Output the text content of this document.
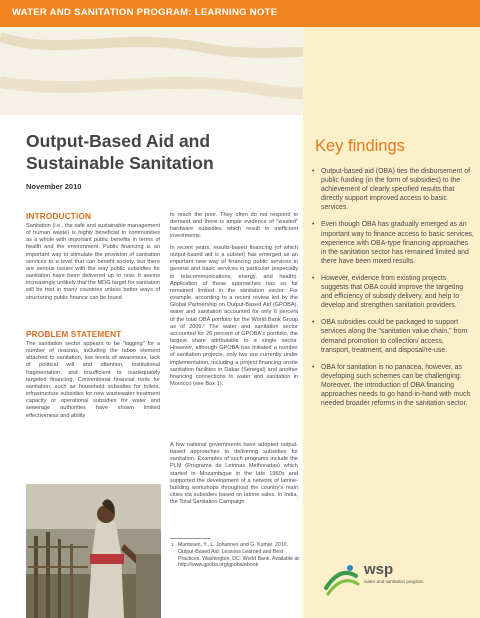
WATER AND SANITATION PROGRAM: LEARNING NOTE
Output-Based Aid and Sustainable Sanitation
November 2010
INTRODUCTION
Sanitation (i.e., the safe and sustainable management of human waste) is highly beneficial to communities as a whole with important public benefits in terms of health and the environment. Public financing is an important way to stimulate the provision of sanitation services to a level that can benefit society, but there are serious issues with the way public subsidies for sanitation have been delivered up to now. It seems increasingly unlikely that the MDG target for sanitation will be met in many countries unless better ways of structuring public finance can be found.
PROBLEM STATEMENT
The sanitation sector appears to be "lagging" for a number of reasons, including the taboo element attached to sanitation, low levels of awareness, lack of political will and attention, institutional fragmentation, and insufficient or inadequately targeted financing. Conventional financial tools for sanitation, such as household subsidies for toilets, infrastructure subsidies for new wastewater treatment capacity or operational subsidies for water and sewerage authorities have shown limited effectiveness and ability
to reach the poor. They often do not respond to demand and there is ample evidence of "wasted" hardware subsidies which result in inefficient investments.
In recent years, results-based financing (of which output-based aid is a subset) has emerged as an important new way of financing public services in general and basic services in particular (especially in telecommunications, energy, and health). Application of these approaches has so far remained limited in the sanitation sector. For example, according to a recent review led by the Global Partnership on Output-Based Aid (GPOBA), water and sanitation accounted for only 6 percent of the total OBA portfolio for the World Bank Group as of 2009.¹ The water and sanitation sector accounted for 26 percent of GPOBA's portfolio, the largest share attributable to a single sector. However, although GPOBA has initiated a number of sanitation projects, only two are currently under implementation, including a project financing onsite sanitation facilities in Dakar (Senegal) and another financing connections to water and sanitation in Morocco (see Box 1).
A few national governments have adopted output-based approaches to delivering subsidies for sanitation. Examples of such programs include the PLM (Programa de Letrinas Melhoradas) which started in Mozambique in the late 1960s and supported the development of a network of latrine-building workshops throughout the country's main cities via subsidies based on latrine sales. In India, the Total Sanitation Campaign
1 Mumssen, Y., L. Johannes and G. Kumar. 2010. Output-Based Aid: Lessons Learned and Best Practices. Washington, DC: World Bank. Available at: http://www.gpoba.org/gpoba/ebook
Key findings
• Output-based aid (OBA) ties the disbursement of public funding (in the form of subsidies) to the achievement of clearly specified results that directly support improved access to basic services.
• Even though OBA has gradually emerged as an important way to finance access to basic services, experience with OBA-type financing approaches in the sanitation sector has remained limited and there have been mixed results.
• However, evidence from existing projects suggests that OBA could improve the targeting and efficiency of subsidy delivery, and help to develop and strengthen sanitation providers.
• OBA subsidies could be packaged to support services along the "sanitation value chain," from demand promotion to collection/ access, transport, treatment, and disposal/re-use.
• OBA for sanitation is no panacea, however, as developing such schemes can be challenging. Moreover, the introduction of OBA financing approaches needs to go hand-in-hand with much needed broader reforms in the sanitation sector.
wsp
water and sanitation program
